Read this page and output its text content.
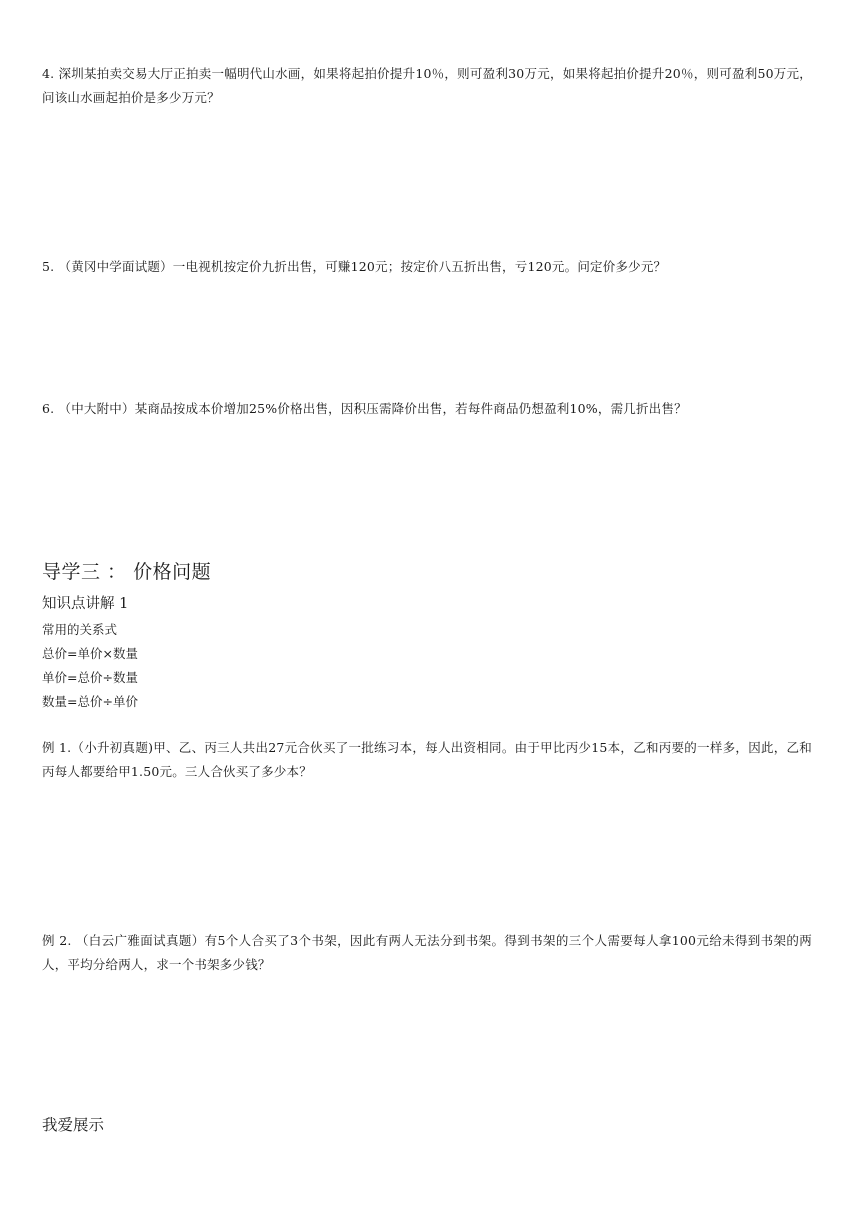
4. 深圳某拍卖交易大厅正拍卖一幅明代山水画，如果将起拍价提升10％，则可盈利30万元，如果将起拍价提升20％，则可盈利50万元，问该山水画起拍价是多少万元？

5. （黄冈中学面试题）一电视机按定价九折出售，可赚120元；按定价八五折出售，亏120元。问定价多少元？

6. （中大附中）某商品按成本价增加25%价格出售，因积压需降价出售，若每件商品仍想盈利10%，需几折出售？

导学三 ： 价格问题
知识点讲解 1
常用的关系式
总价=单价×数量
单价=总价÷数量
数量=总价÷单价

例 1.（小升初真题)甲、乙、丙三人共出27元合伙买了一批练习本，每人出资相同。由于甲比丙少15本，乙和丙要的一样多，因此，乙和丙每人都要给甲1.50元。三人合伙买了多少本？

例 2. （白云广雅面试真题）有5个人合买了3个书架，因此有两人无法分到书架。得到书架的三个人需要每人拿100元给未得到书架的两人，平均分给两人，求一个书架多少钱？

我爱展示
